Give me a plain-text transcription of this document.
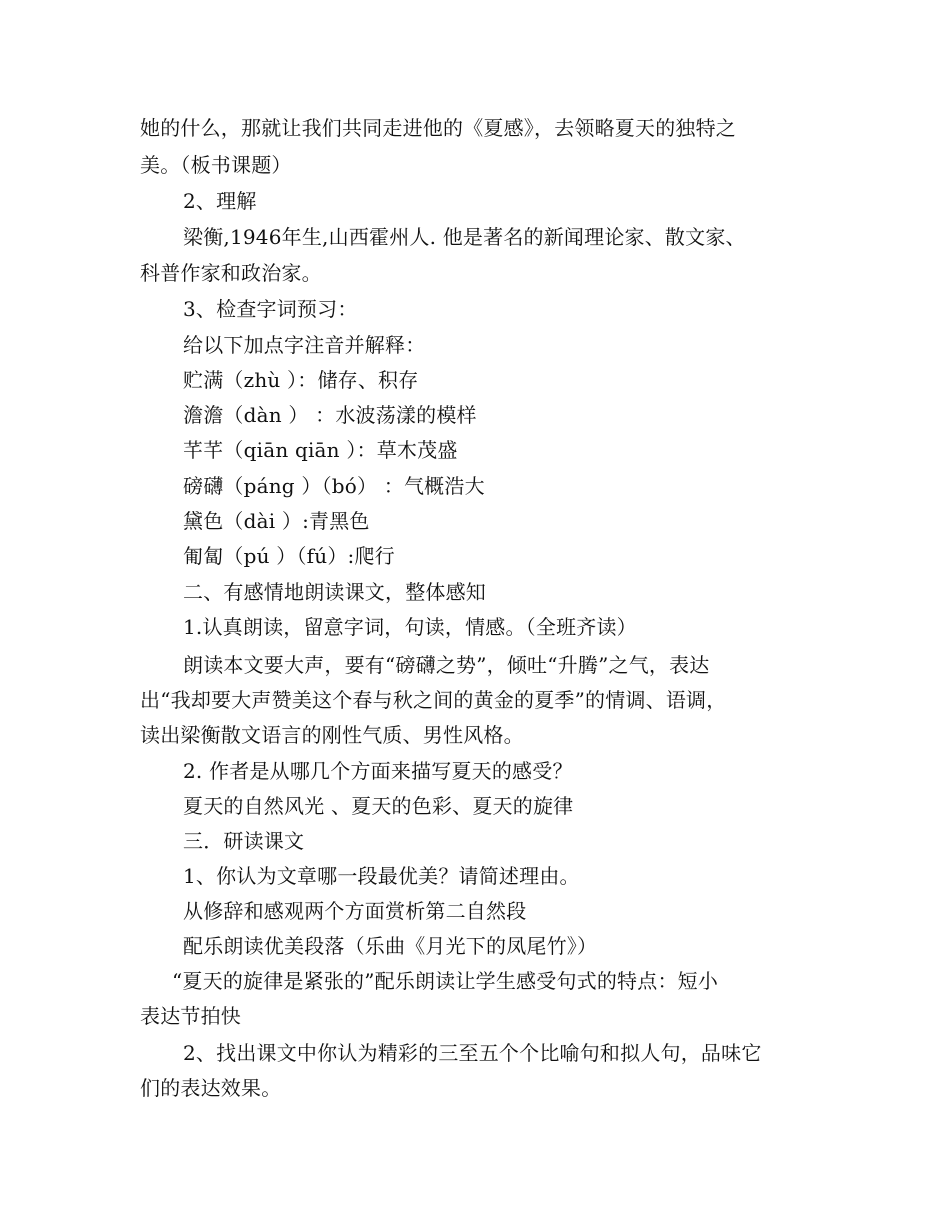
她的什么，那就让我们共同走进他的《夏感》，去领略夏天的独特之
美。（板书课题）
2、理解
梁衡,1946年生,山西霍州人. 他是著名的新闻理论家、散文家、
科普作家和政治家。
3、检查字词预习：
给以下加点字注音并解释：
贮满（zhù ）：储存、积存
澹澹（dàn ） ：水波荡漾的模样
芊芊（qiān qiān ）：草木茂盛
磅礴（páng ）（bó） ：气概浩大
黛色（dài ）:青黑色
匍匐（pú ）（fú）:爬行
二、有感情地朗读课文，整体感知
1.认真朗读，留意字词，句读，情感。（全班齐读）
朗读本文要大声，要有“磅礴之势”，倾吐“升腾”之气，表达
出“我却要大声赞美这个春与秋之间的黄金的夏季”的情调、语调，
读出梁衡散文语言的刚性气质、男性风格。
2. 作者是从哪几个方面来描写夏天的感受？
夏天的自然风光 、夏天的色彩、夏天的旋律
三．研读课文
1、你认为文章哪一段最优美？请简述理由。
从修辞和感观两个方面赏析第二自然段
配乐朗读优美段落（乐曲《月光下的凤尾竹》）
“夏天的旋律是紧张的”配乐朗读让学生感受句式的特点：短小
表达节拍快
2、找出课文中你认为精彩的三至五个个比喻句和拟人句，品味它
们的表达效果。
